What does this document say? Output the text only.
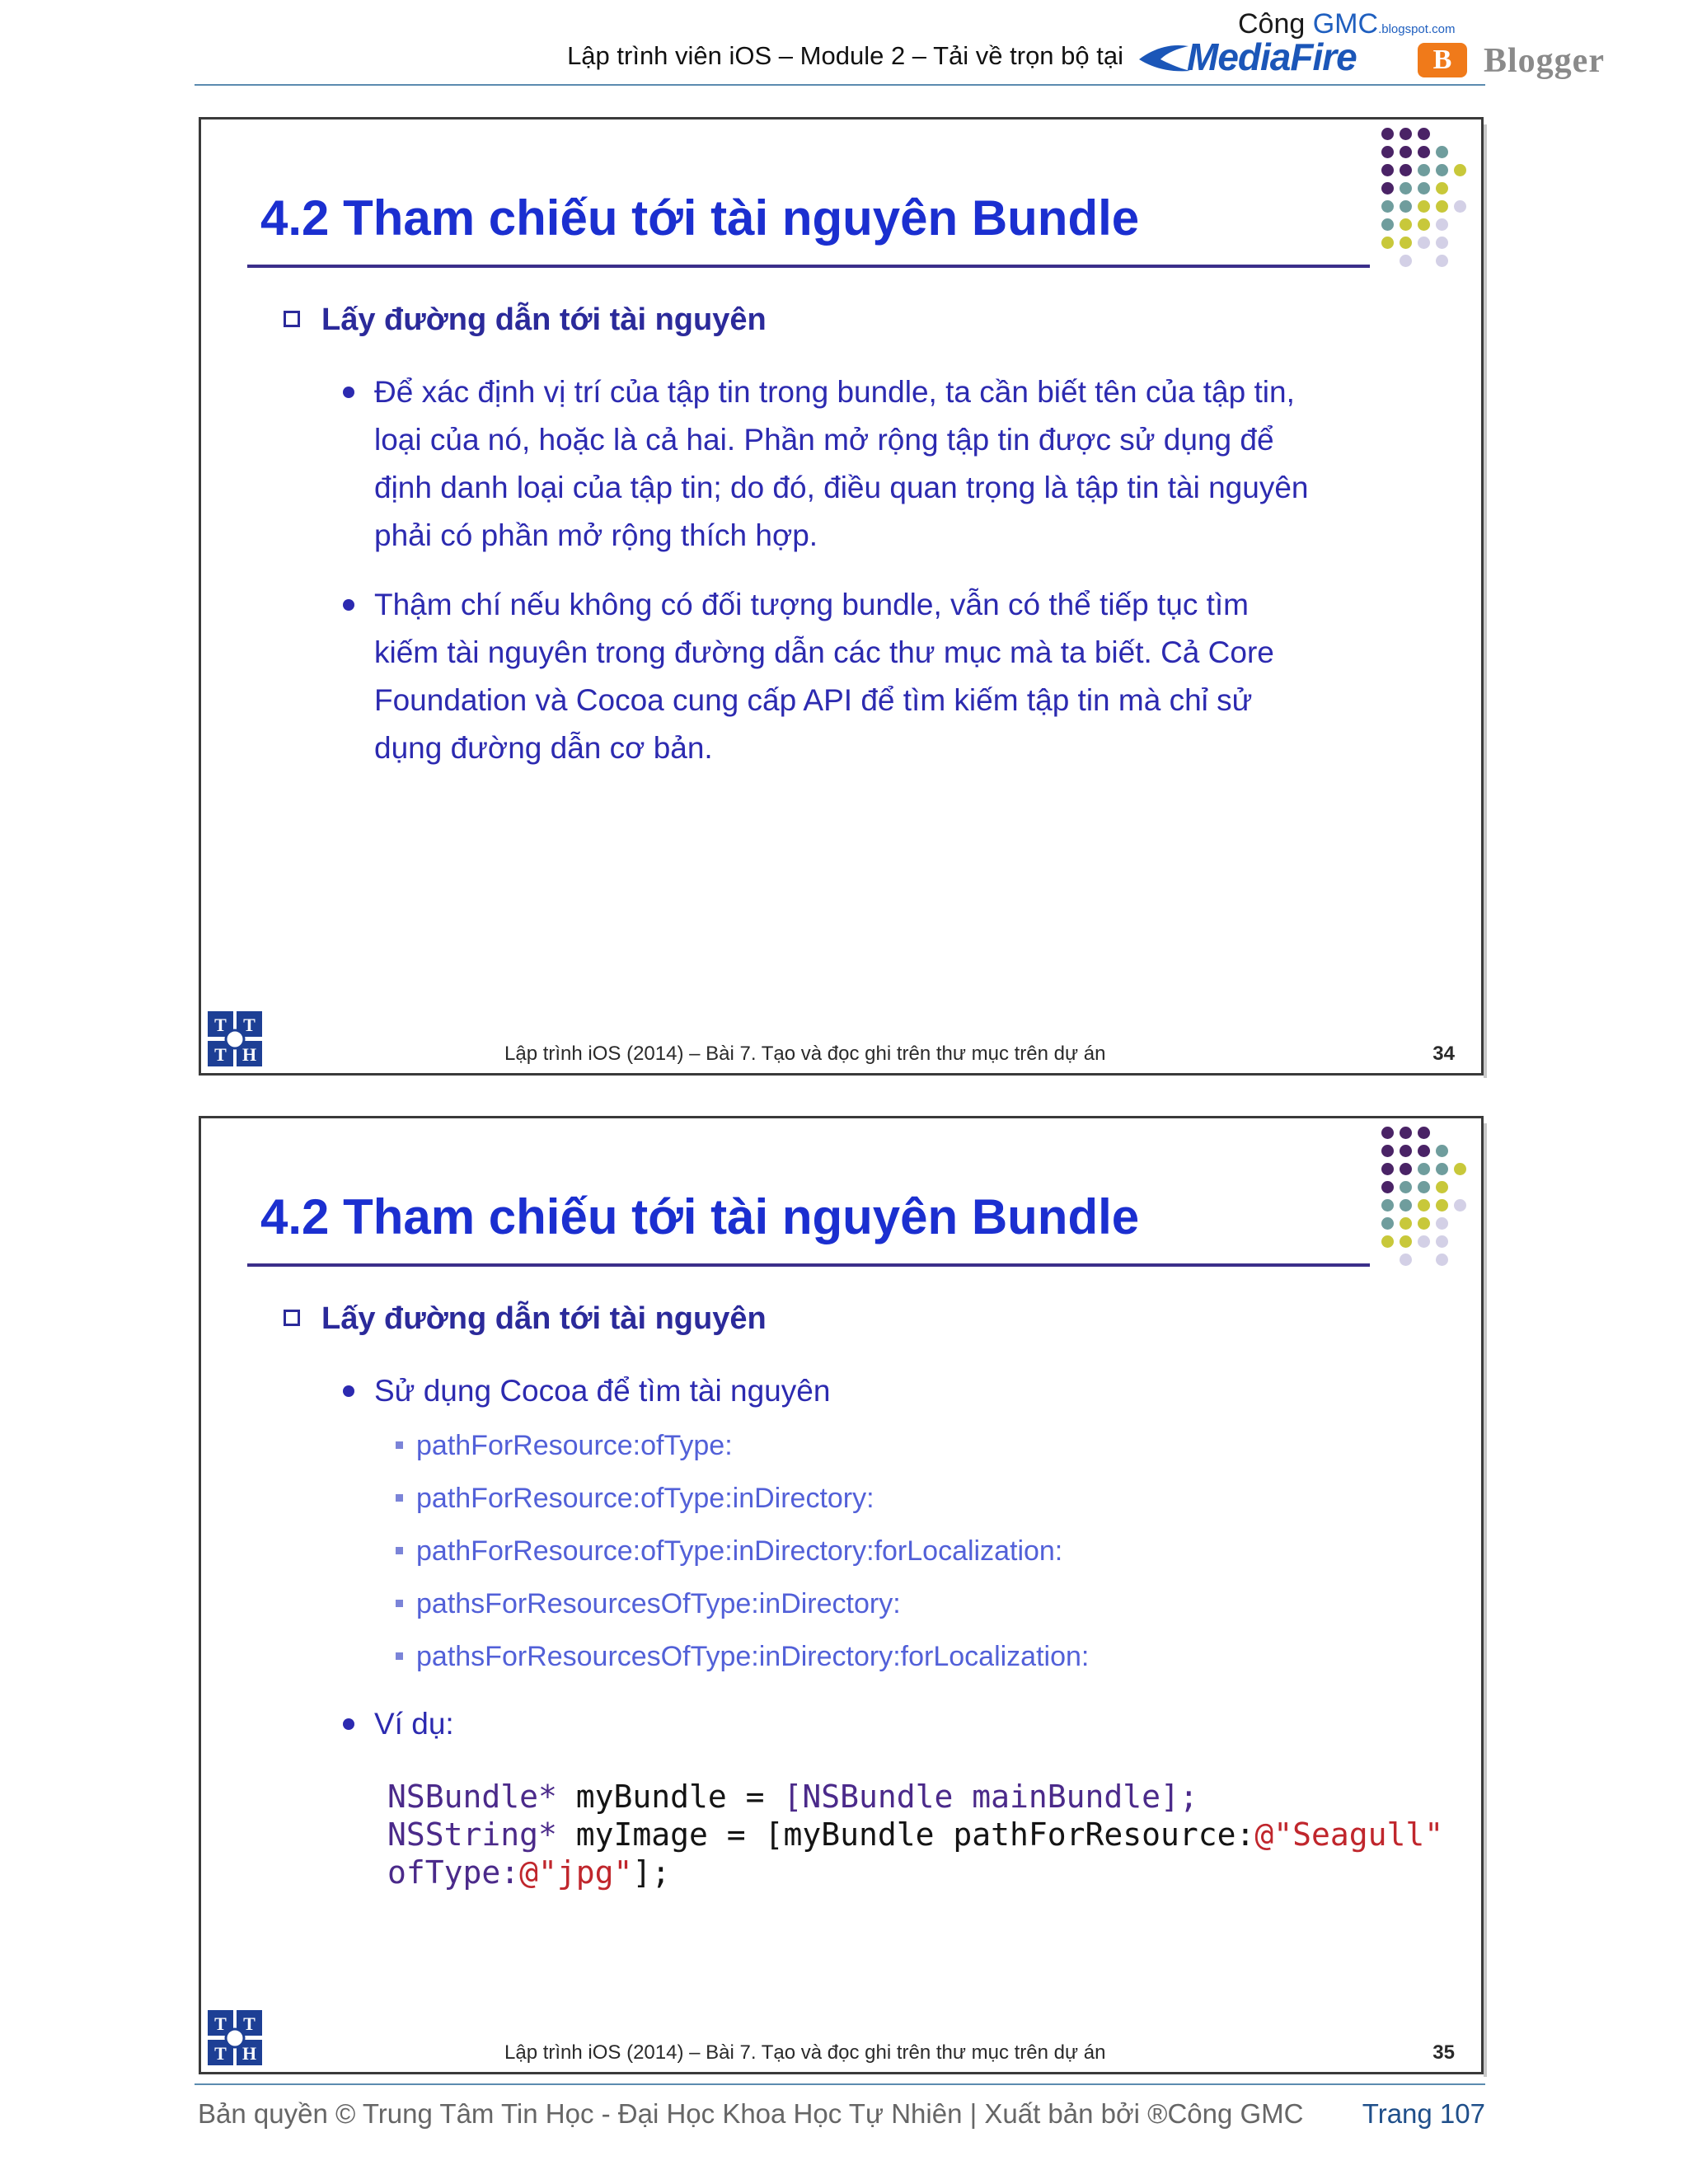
Lập trình viên iOS – Module 2 – Tải về trọn bộ tại
Công GMC.blogspot.com
MediaFire	B Blogger
4.2 Tham chiếu tới tài nguyên Bundle
Lấy đường dẫn tới tài nguyên
Để xác định vị trí của tập tin trong bundle, ta cần biết tên của tập tin,
loại của nó, hoặc là cả hai. Phần mở rộng tập tin được sử dụng để
định danh loại của tập tin; do đó, điều quan trọng là tập tin tài nguyên
phải có phần mở rộng thích hợp.
Thậm chí nếu không có đối tượng bundle, vẫn có thể tiếp tục tìm
kiếm tài nguyên trong đường dẫn các thư mục mà ta biết. Cả Core
Foundation và Cocoa cung cấp API để tìm kiếm tập tin mà chỉ sử
dụng đường dẫn cơ bản.
T T
T H	Lập trình iOS (2014) – Bài 7. Tạo và đọc ghi trên thư mục trên dự án	34
4.2 Tham chiếu tới tài nguyên Bundle
Lấy đường dẫn tới tài nguyên
Sử dụng Cocoa để tìm tài nguyên
pathForResource:ofType:
pathForResource:ofType:inDirectory:
pathForResource:ofType:inDirectory:forLocalization:
pathsForResourcesOfType:inDirectory:
pathsForResourcesOfType:inDirectory:forLocalization:
Ví dụ:
NSBundle* myBundle = [NSBundle mainBundle];
NSString* myImage = [myBundle pathForResource:@"Seagull"
ofType:@"jpg"];
T T
T H	Lập trình iOS (2014) – Bài 7. Tạo và đọc ghi trên thư mục trên dự án	35
Bản quyền © Trung Tâm Tin Học - Đại Học Khoa Học Tự Nhiên | Xuất bản bởi ®Công GMC Trang 107
